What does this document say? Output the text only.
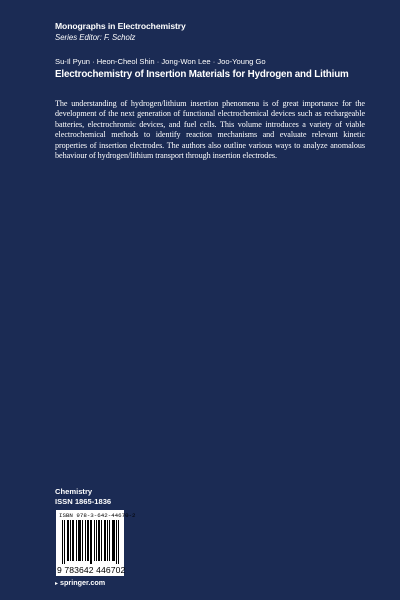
Monographs in Electrochemistry
Series Editor: F. Scholz
Su-Il Pyun · Heon-Cheol Shin · Jong-Won Lee · Joo-Young Go
Electrochemistry of Insertion Materials for Hydrogen and Lithium
The understanding of hydrogen/lithium insertion phenomena is of great importance for the development of the next generation of functional electrochemical devices such as rechargeable batteries, electrochromic devices, and fuel cells. This volume introduces a variety of viable electrochemical methods to identify reaction mechanisms and evaluate relevant kinetic properties of insertion electrodes. The authors also outline various ways to analyze anomalous behaviour of hydrogen/lithium transport through insertion electrodes.
Chemistry
ISSN 1865-1836
ISBN 978-3-642-44670-2
9 783642 446702
▸ springer.com
